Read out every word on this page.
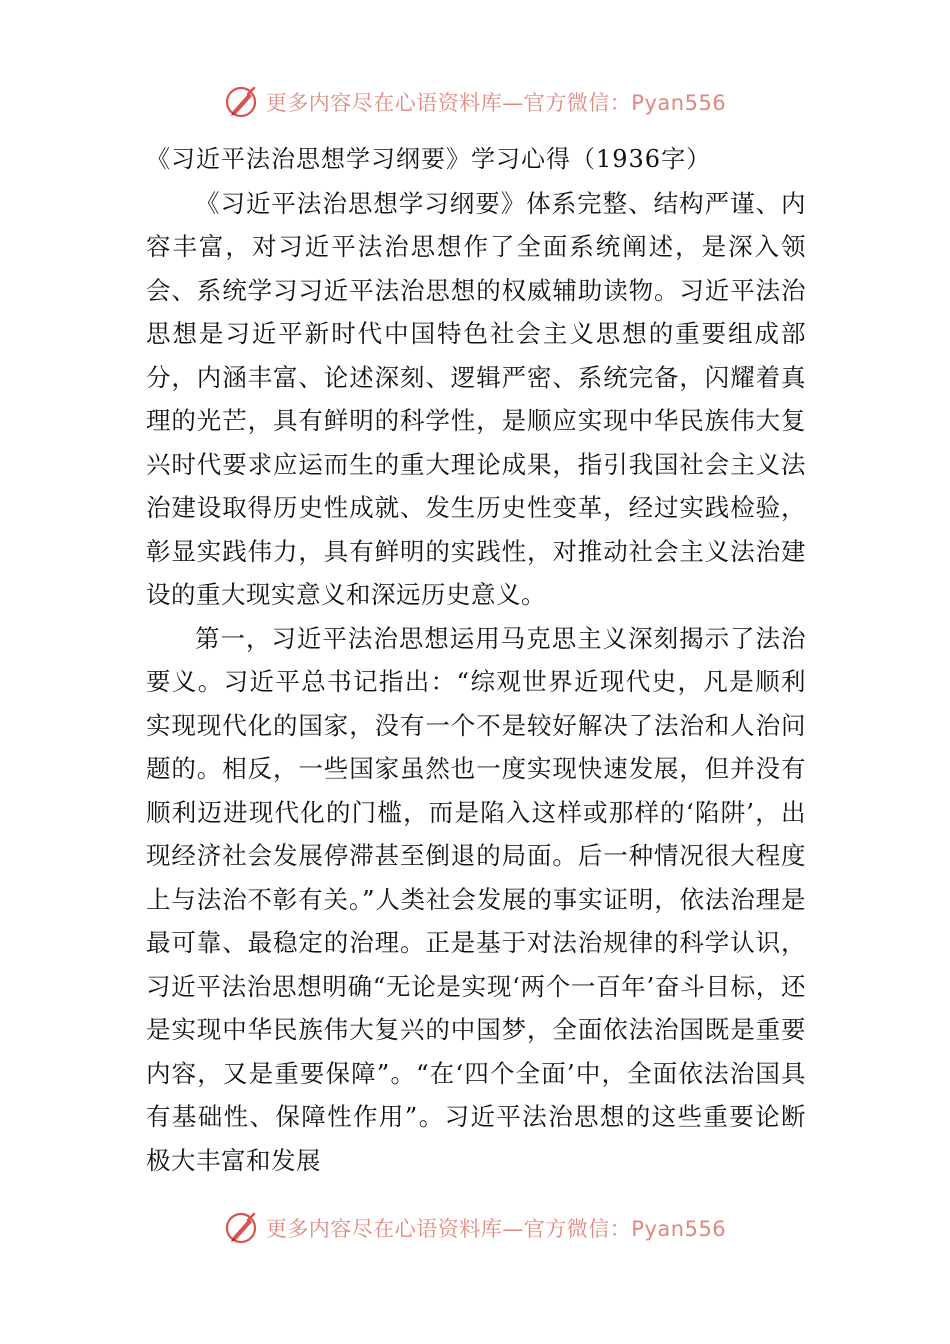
更多内容尽在心语资料库—官方微信：Pyan556
《习近平法治思想学习纲要》学习心得（1936字）

《习近平法治思想学习纲要》体系完整、结构严谨、内容丰富，对习近平法治思想作了全面系统阐述，是深入领会、系统学习习近平法治思想的权威辅助读物。习近平法治思想是习近平新时代中国特色社会主义思想的重要组成部分，内涵丰富、论述深刻、逻辑严密、系统完备，闪耀着真理的光芒，具有鲜明的科学性，是顺应实现中华民族伟大复兴时代要求应运而生的重大理论成果，指引我国社会主义法治建设取得历史性成就、发生历史性变革，经过实践检验，彰显实践伟力，具有鲜明的实践性，对推动社会主义法治建设的重大现实意义和深远历史意义。

第一，习近平法治思想运用马克思主义深刻揭示了法治要义。习近平总书记指出：“综观世界近现代史，凡是顺利实现现代化的国家，没有一个不是较好解决了法治和人治问题的。相反，一些国家虽然也一度实现快速发展，但并没有顺利迈进现代化的门槛，而是陷入这样或那样的‘陷阱’，出现经济社会发展停滞甚至倒退的局面。后一种情况很大程度上与法治不彰有关。”人类社会发展的事实证明，依法治理是最可靠、最稳定的治理。正是基于对法治规律的科学认识，习近平法治思想明确“无论是实现‘两个一百年’奋斗目标，还是实现中华民族伟大复兴的中国梦，全面依法治国既是重要内容，又是重要保障”。“在‘四个全面’中，全面依法治国具有基础性、保障性作用”。习近平法治思想的这些重要论断极大丰富和发展

更多内容尽在心语资料库—官方微信：Pyan556
